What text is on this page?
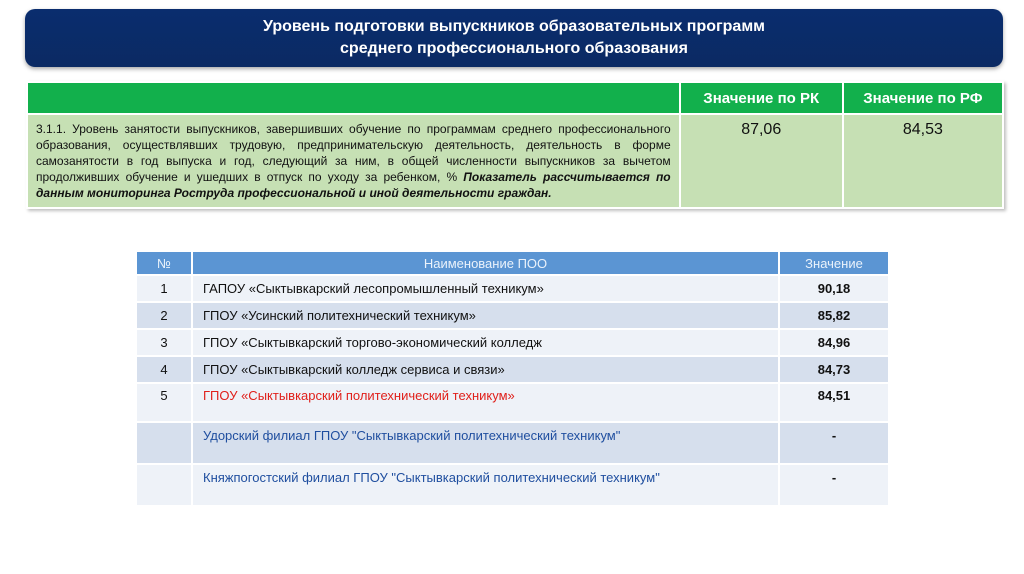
Уровень подготовки выпускников образовательных программ
среднего профессионального образования
	Значение по РК	Значение по РФ
3.1.1. Уровень занятости выпускников, завершивших обучение по программам среднего профессионального образования, осуществлявших трудовую, предпринимательскую деятельность, деятельность в форме самозанятости в год выпуска и год, следующий за ним, в общей численности выпускников за вычетом продолживших обучение и ушедших в отпуск по уходу за ребенком, % Показатель рассчитывается по данным мониторинга Роструда профессиональной и иной деятельности граждан.	87,06	84,53
№	Наименование ПОО	Значение
1	ГАПОУ «Сыктывкарский лесопромышленный техникум»	90,18
2	ГПОУ «Усинский политехнический техникум»	85,82
3	ГПОУ «Сыктывкарский торгово-экономический колледж	84,96
4	ГПОУ «Сыктывкарский колледж сервиса и связи»	84,73
5	ГПОУ «Сыктывкарский политехнический техникум»	84,51
	Удорский филиал ГПОУ "Сыктывкарский политехнический техникум"	-
	Княжпогостский филиал ГПОУ "Сыктывкарский политехнический техникум"	-
